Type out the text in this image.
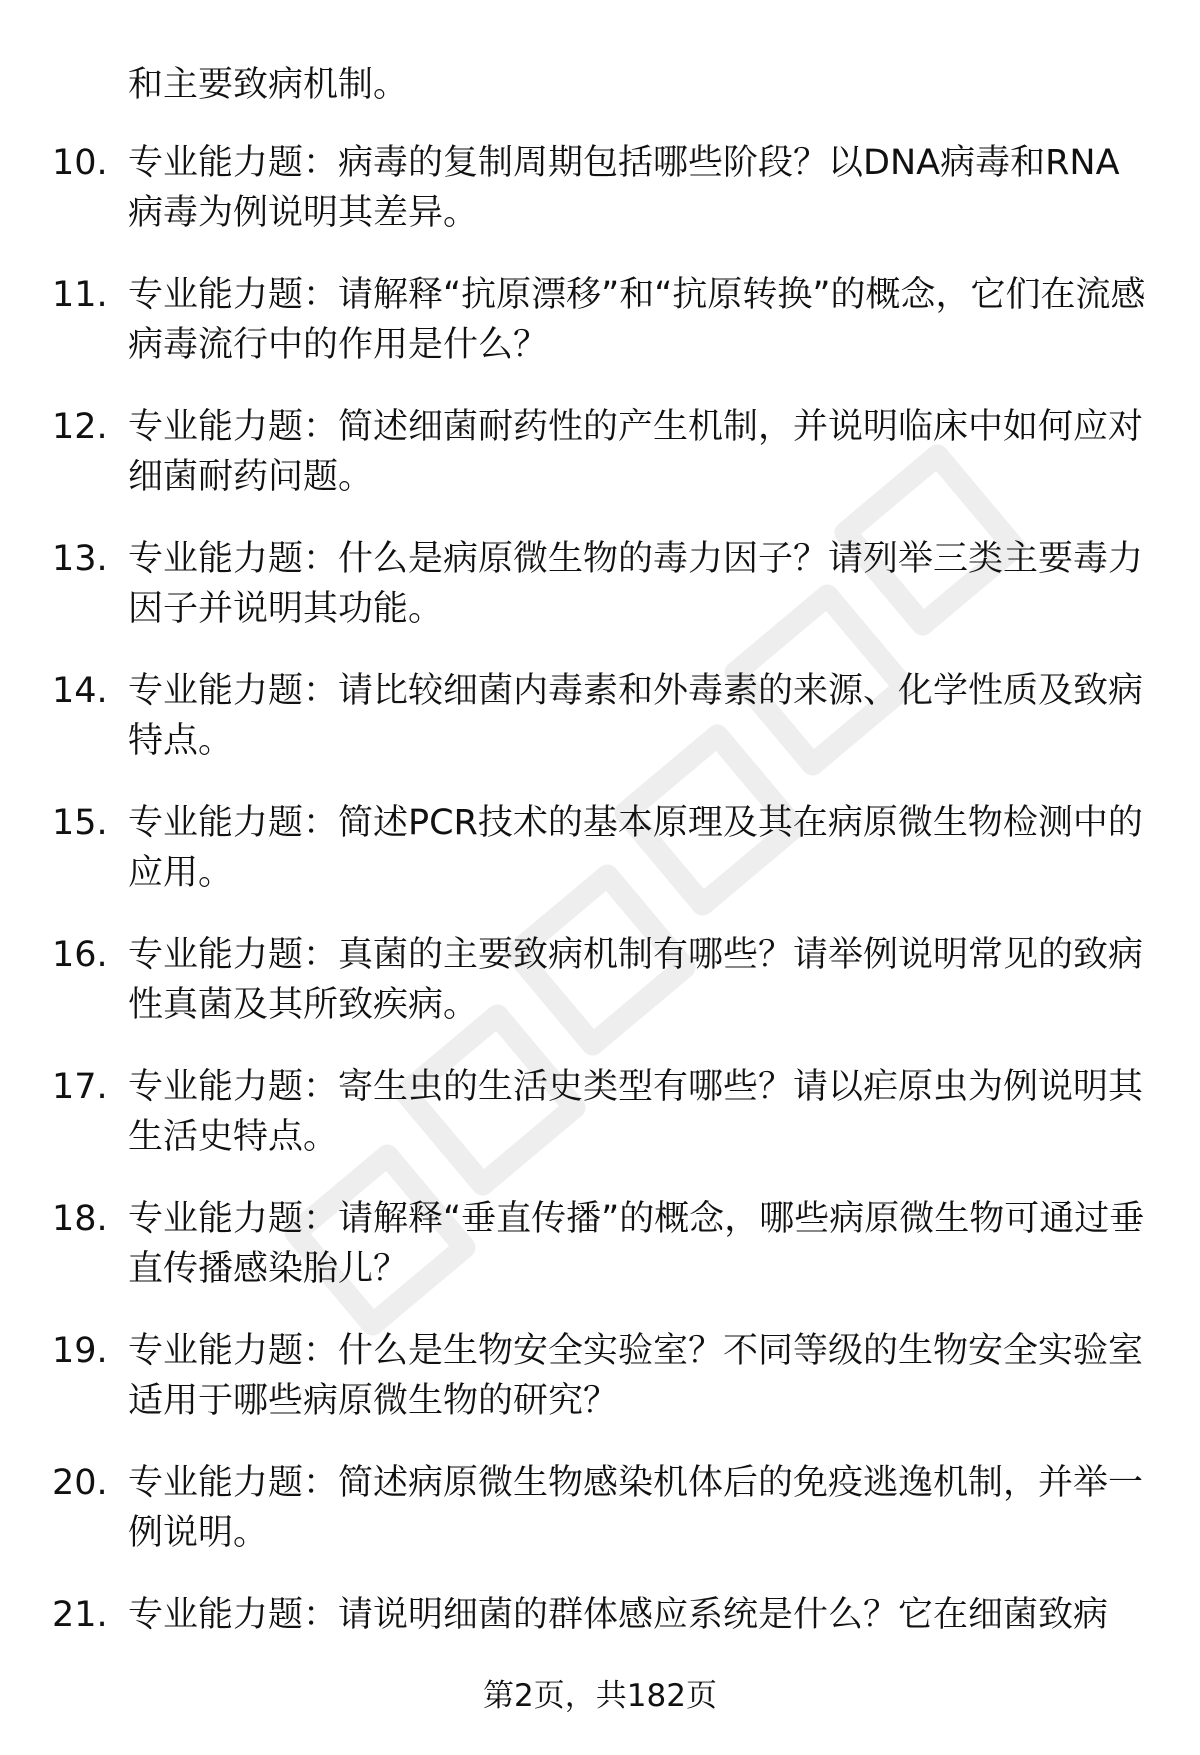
和主要致病机制。
10. 专业能力题：病毒的复制周期包括哪些阶段？以DNA病毒和RNA病毒为例说明其差异。
11. 专业能力题：请解释“抗原漂移”和“抗原转换”的概念，它们在流感病毒流行中的作用是什么？
12. 专业能力题：简述细菌耐药性的产生机制，并说明临床中如何应对细菌耐药问题。
13. 专业能力题：什么是病原微生物的毒力因子？请列举三类主要毒力因子并说明其功能。
14. 专业能力题：请比较细菌内毒素和外毒素的来源、化学性质及致病特点。
15. 专业能力题：简述PCR技术的基本原理及其在病原微生物检测中的应用。
16. 专业能力题：真菌的主要致病机制有哪些？请举例说明常见的致病性真菌及其所致疾病。
17. 专业能力题：寄生虫的生活史类型有哪些？请以疟原虫为例说明其生活史特点。
18. 专业能力题：请解释“垂直传播”的概念，哪些病原微生物可通过垂直传播感染胎儿？
19. 专业能力题：什么是生物安全实验室？不同等级的生物安全实验室适用于哪些病原微生物的研究？
20. 专业能力题：简述病原微生物感染机体后的免疫逃逸机制，并举一例说明。
21. 专业能力题：请说明细菌的群体感应系统是什么？它在细菌致病
第2页，共182页
